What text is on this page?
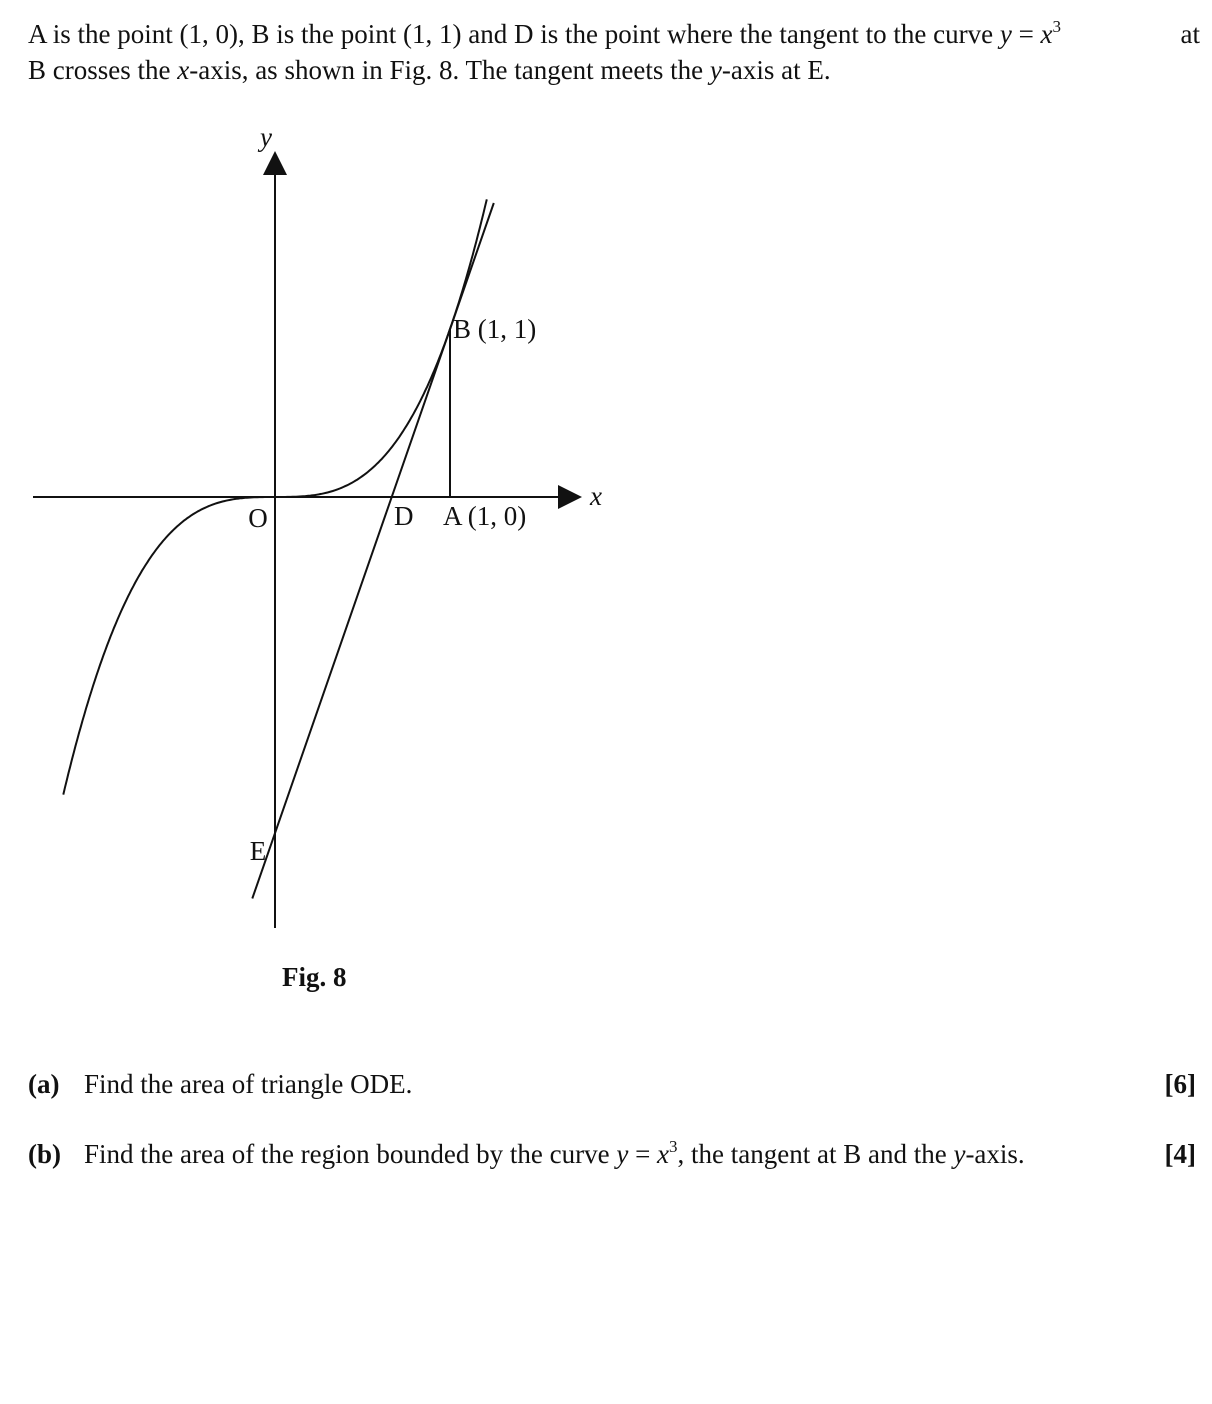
A is the point (1, 0), B is the point (1, 1) and D is the point where the tangent to the curve $y = x^3$	at
B crosses the x-axis, as shown in Fig. 8. The tangent meets the y-axis at E.
y
x
O
B (1, 1)
A (1, 0)
D
E
Fig. 8
(a) Find the area of triangle ODE.	[6]
(b) Find the area of the region bounded by the curve $y = x^3$, the tangent at B and the y-axis.	[4]
